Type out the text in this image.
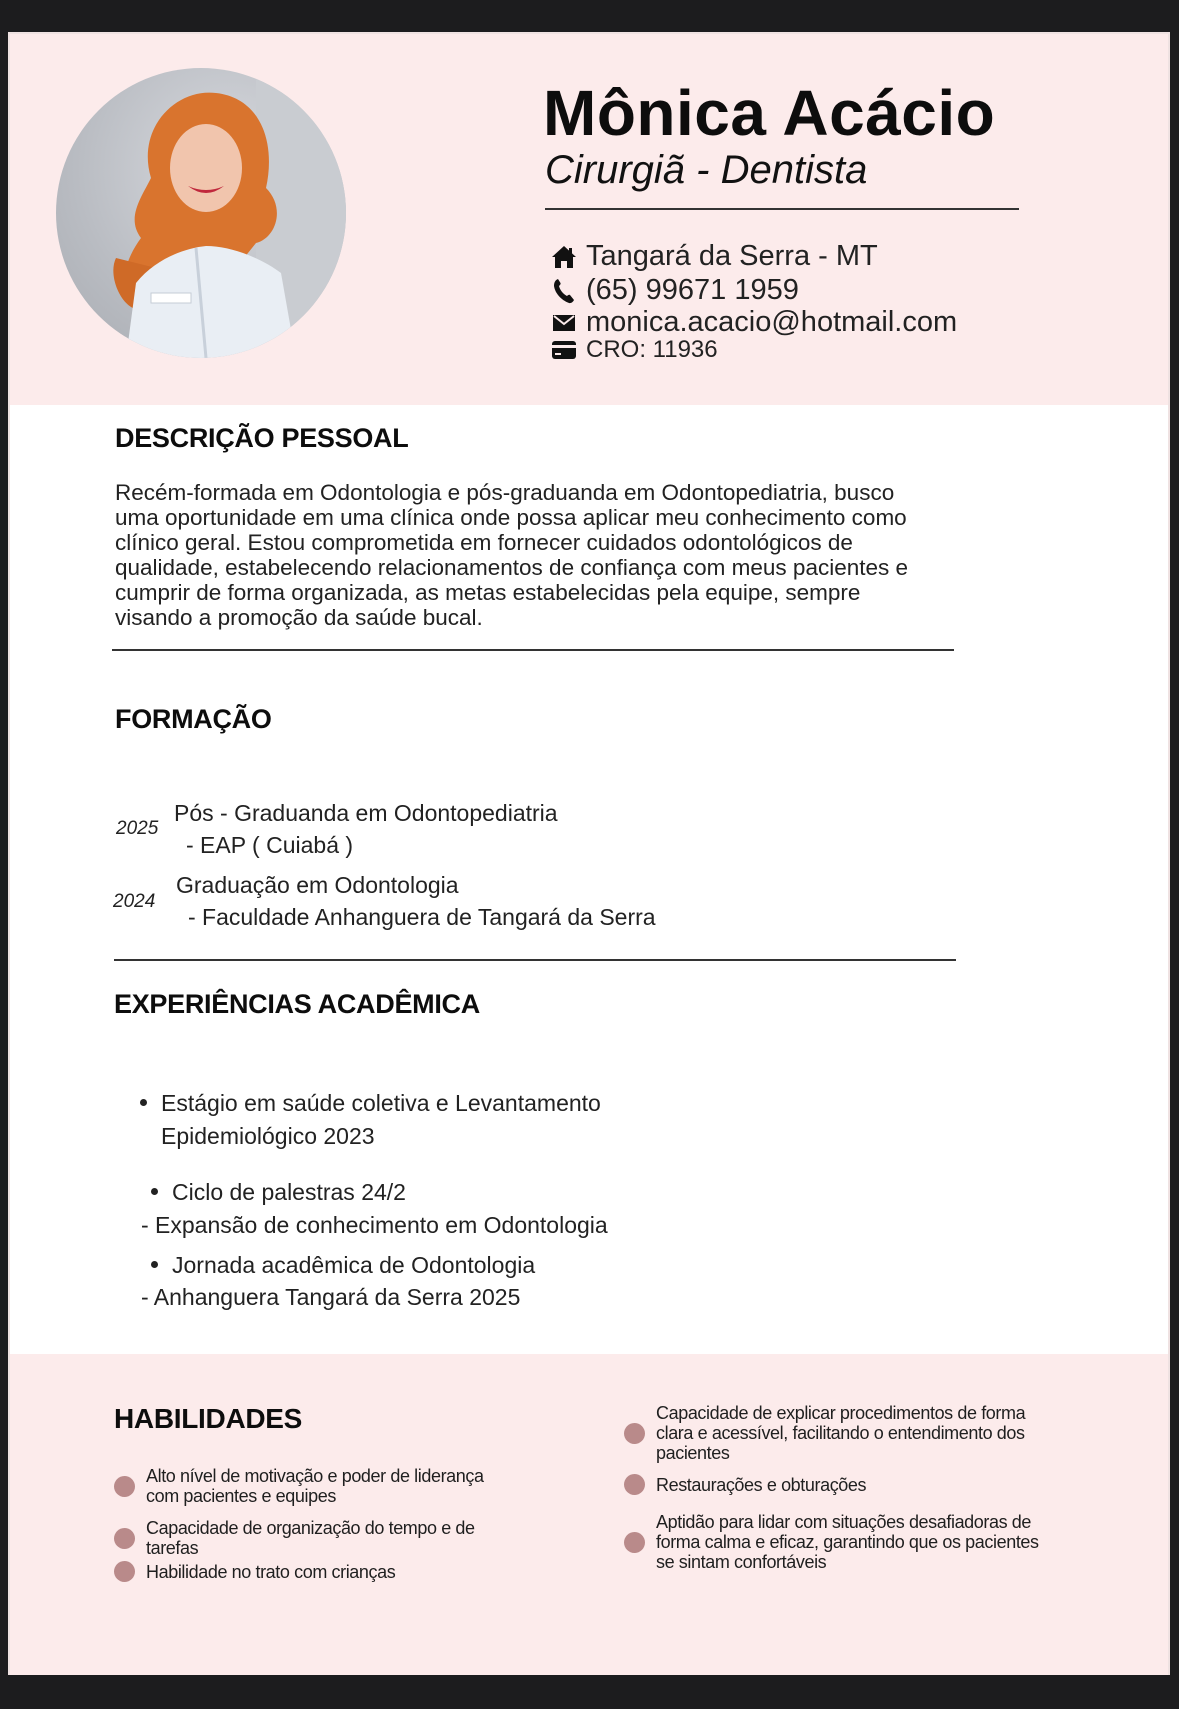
Mônica Acácio
Cirurgiã - Dentista
Tangará da Serra - MT
(65) 99671 1959
monica.acacio@hotmail.com
CRO: 11936
DESCRIÇÃO PESSOAL

Recém-formada em Odontologia e pós-graduanda em Odontopediatria, busco uma oportunidade em uma clínica onde possa aplicar meu conhecimento como clínico geral. Estou comprometida em fornecer cuidados odontológicos de qualidade, estabelecendo relacionamentos de confiança com meus pacientes e cumprir de forma organizada, as metas estabelecidas pela equipe, sempre visando a promoção da saúde bucal.

FORMAÇÃO
2025
Pós - Graduanda em Odontopediatria
- EAP ( Cuiabá )
2024
Graduação em Odontologia
- Faculdade Anhanguera de Tangará da Serra
EXPERIÊNCIAS ACADÊMICA
Estágio em saúde coletiva e Levantamento
Epidemiológico 2023
Ciclo de palestras 24/2
- Expansão de conhecimento em Odontologia
Jornada acadêmica de Odontologia
- Anhanguera Tangará da Serra 2025
HABILIDADES
Alto nível de motivação e poder de liderança com pacientes e equipes
Capacidade de organização do tempo e de tarefas
Habilidade no trato com crianças
Capacidade de explicar procedimentos de forma clara e acessível, facilitando o entendimento dos pacientes
Restaurações e obturações
Aptidão para lidar com situações desafiadoras de forma calma e eficaz, garantindo que os pacientes se sintam confortáveis
